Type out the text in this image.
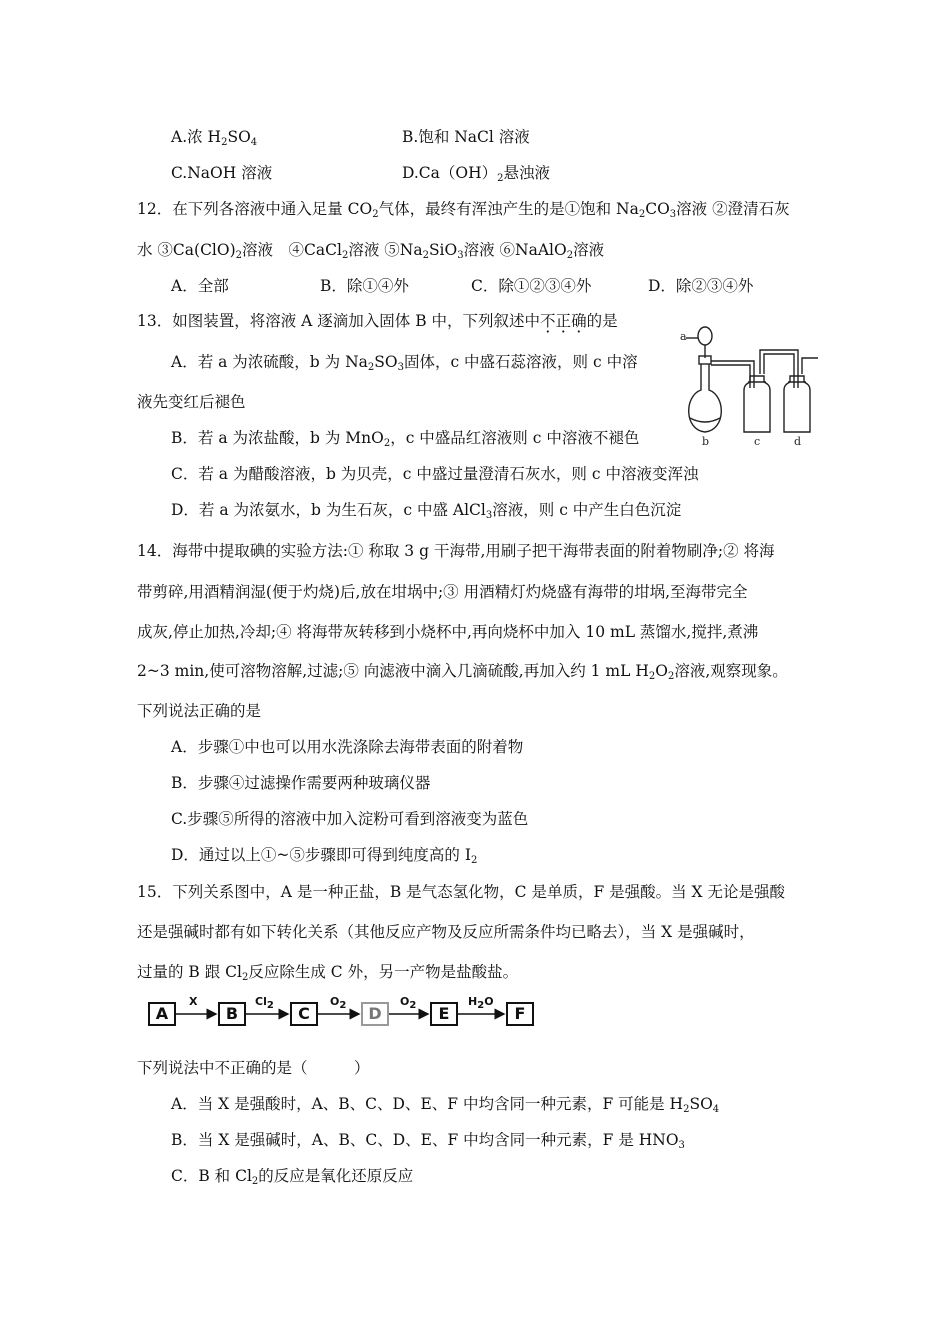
A.浓 $H_2SO_4$	B.饱和 NaCl 溶液
C.NaOH 溶液	$D.Ca(OH)_2$悬浊液
12．在下列各溶液中通入足量 $CO_2$气体，最终有浑浊产生的是①饱和 $Na_2CO_3$溶液 ②澄清石灰
水 $③Ca(ClO)_2$溶液　④CaCl$_2$溶液 $⑤Na_2SiO_3$溶液 ⑥NaAlO$_2$溶液
A．全部	B．除①④外	C．除①②③④外	D．除②③④外
13．如图装置，将溶液 A 逐滴加入固体 B 中，下列叙述中不正确的是
A．若 a 为浓硫酸，b 为 $Na_2SO_3$固体，c 中盛石蕊溶液，则 c 中溶
液先变红后褪色
B．若 a 为浓盐酸，b 为 MnO$_2$，c 中盛品红溶液则 c 中溶液不褪色
C．若 a 为醋酸溶液，b 为贝壳，c 中盛过量澄清石灰水，则 c 中溶液变浑浊
D．若 a 为浓氨水，b 为生石灰，c 中盛 AlCl$_3$溶液，则 c 中产生白色沉淀
a
b	c	d
14．海带中提取碘的实验方法:① 称取 3 g 干海带,用刷子把干海带表面的附着物刷净;② 将海
带剪碎,用酒精润湿(便于灼烧)后,放在坩埚中;③ 用酒精灯灼烧盛有海带的坩埚,至海带完全
成灰,停止加热,冷却;④ 将海带灰转移到小烧杯中,再向烧杯中加入 10 mL 蒸馏水,搅拌,煮沸
2~3 min,使可溶物溶解,过滤;⑤ 向滤液中滴入几滴硫酸,再加入约 1 mL $H_2O_2$溶液,观察现象。
下列说法正确的是
A．步骤①中也可以用水洗涤除去海带表面的附着物
B．步骤④过滤操作需要两种玻璃仪器
C.步骤⑤所得的溶液中加入淀粉可看到溶液变为蓝色
D．通过以上①~⑤步骤即可得到纯度高的 $I_2$
15．下列关系图中，A 是一种正盐，B 是气态氢化物，C 是单质，F 是强酸。当 X 无论是强酸
还是强碱时都有如下转化关系（其他反应产物及反应所需条件均已略去），当 X 是强碱时，
过量的 B 跟 $Cl_2$反应除生成 C 外，另一产物是盐酸盐。
A	B	C	D	E	F
X	$Cl_2$	$O_2$	$O_2$	$H_2O$
下列说法中不正确的是（　　　）
A．当 X 是强酸时，A、B、C、D、E、F 中均含同一种元素，F 可能是 $H_2SO_4$
B．当 X 是强碱时，A、B、C、D、E、F 中均含同一种元素，F 是 $HNO_3$
C．B 和 $Cl_2$的反应是氧化还原反应
